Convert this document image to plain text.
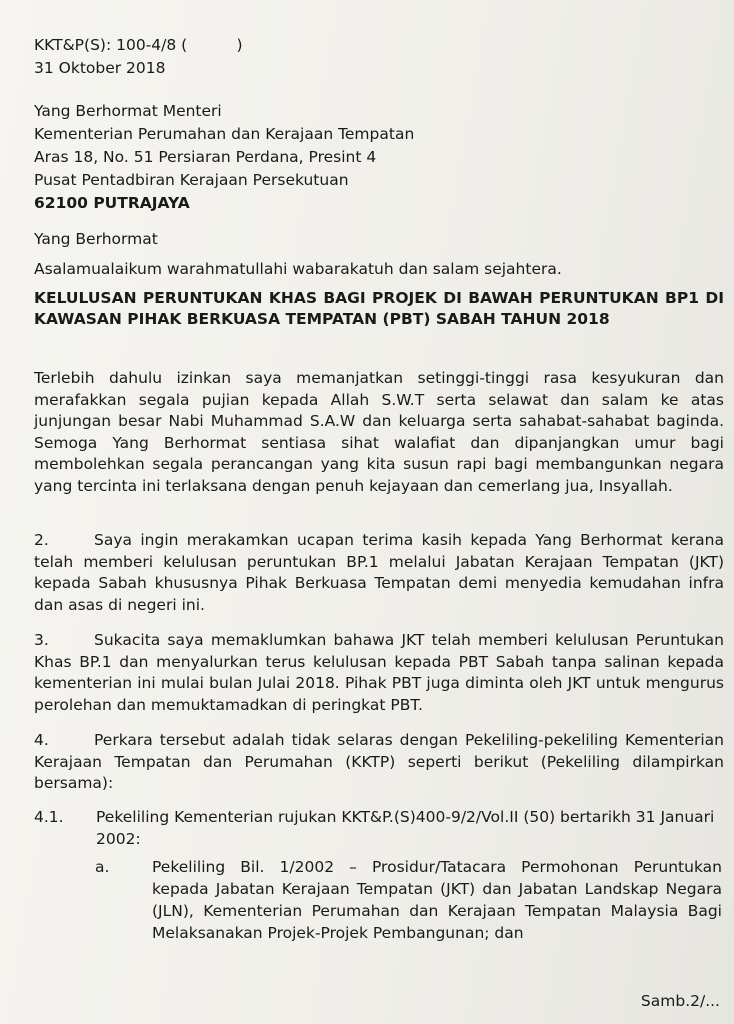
KKT&P(S): 100-4/8 (          )
31 Oktober 2018
Yang Berhormat Menteri
Kementerian Perumahan dan Kerajaan Tempatan
Aras 18, No. 51 Persiaran Perdana, Presint 4
Pusat Pentadbiran Kerajaan Persekutuan
62100 PUTRAJAYA
Yang Berhormat
Asalamualaikum warahmatullahi wabarakatuh dan salam sejahtera.
KELULUSAN PERUNTUKAN KHAS BAGI PROJEK DI BAWAH PERUNTUKAN BP1 DI KAWASAN PIHAK BERKUASA TEMPATAN (PBT) SABAH TAHUN 2018
Terlebih dahulu izinkan saya memanjatkan setinggi-tinggi rasa kesyukuran dan merafakkan segala pujian kepada Allah S.W.T serta selawat dan salam ke atas junjungan besar Nabi Muhammad S.A.W dan keluarga serta sahabat-sahabat baginda. Semoga Yang Berhormat sentiasa sihat walafiat dan dipanjangkan umur bagi membolehkan segala perancangan yang kita susun rapi bagi membangunkan negara yang tercinta ini terlaksana dengan penuh kejayaan dan cemerlang jua, Insyallah.
2.	Saya ingin merakamkan ucapan terima kasih kepada Yang Berhormat kerana telah memberi kelulusan peruntukan BP.1 melalui Jabatan Kerajaan Tempatan (JKT) kepada Sabah khususnya Pihak Berkuasa Tempatan demi menyedia kemudahan infra dan asas di negeri ini.
3.	Sukacita saya memaklumkan bahawa JKT telah memberi kelulusan Peruntukan Khas BP.1 dan menyalurkan terus kelulusan kepada PBT Sabah tanpa salinan kepada kementerian ini mulai bulan Julai 2018. Pihak PBT juga diminta oleh JKT untuk mengurus perolehan dan memuktamadkan di peringkat PBT.
4.	Perkara tersebut adalah tidak selaras dengan Pekeliling-pekeliling Kementerian Kerajaan Tempatan dan Perumahan (KKTP) seperti berikut (Pekeliling dilampirkan bersama):
4.1. Pekeliling Kementerian rujukan KKT&P.(S)400-9/2/Vol.II (50) bertarikh 31 Januari 2002:
a.	Pekeliling Bil. 1/2002 – Prosidur/Tatacara Permohonan Peruntukan kepada Jabatan Kerajaan Tempatan (JKT) dan Jabatan Landskap Negara (JLN), Kementerian Perumahan dan Kerajaan Tempatan Malaysia Bagi Melaksanakan Projek-Projek Pembangunan; dan
Samb.2/...
